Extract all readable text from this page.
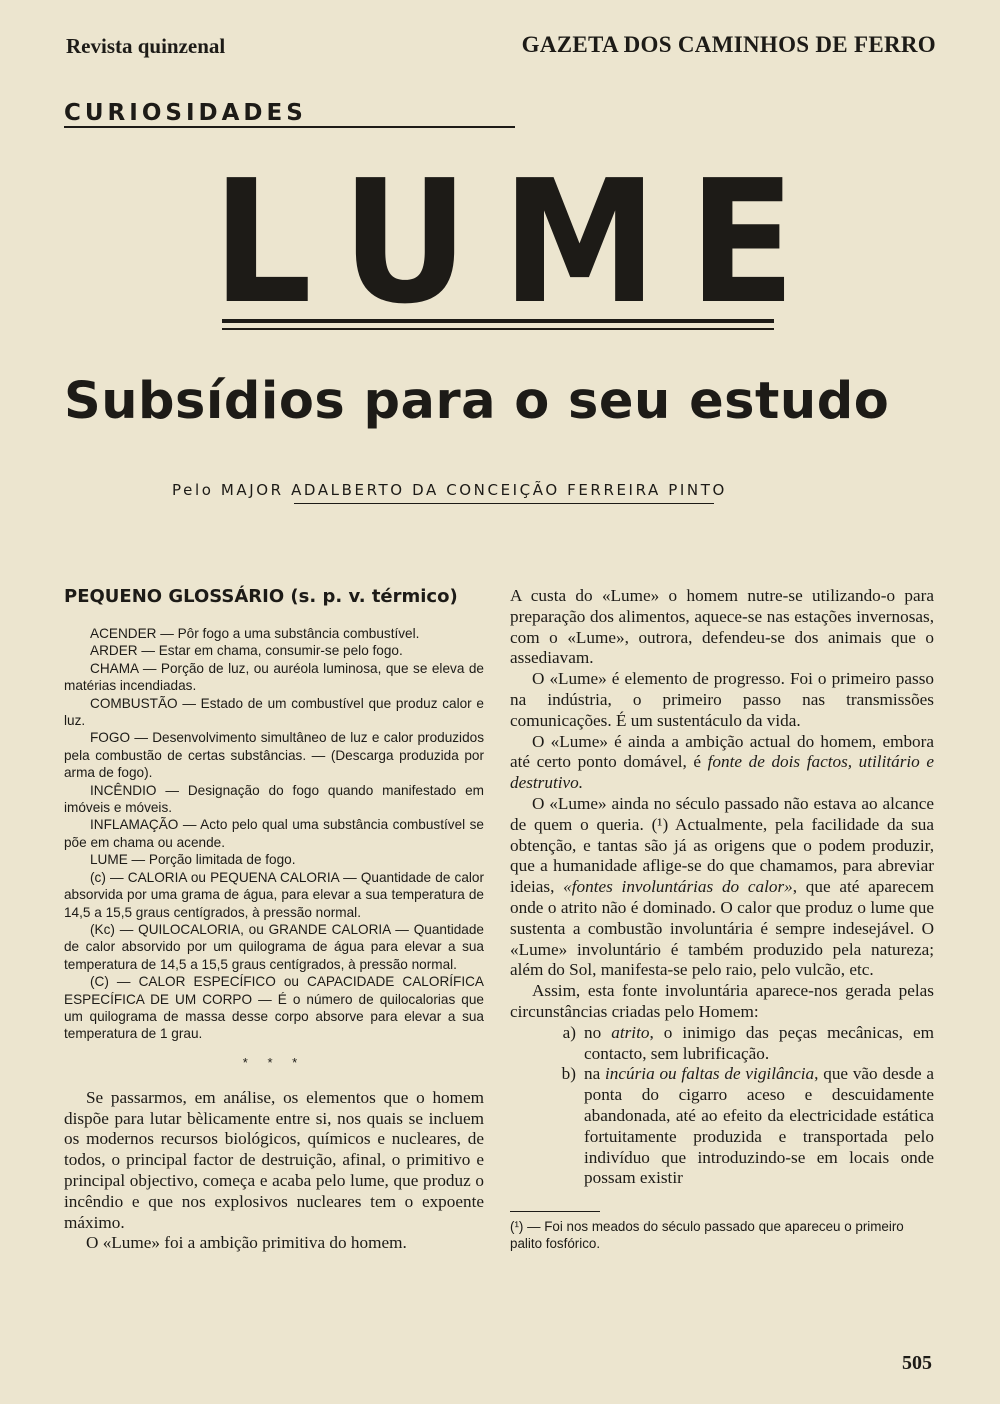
Revista quinzenal	GAZETA DOS CAMINHOS DE FERRO
CURIOSIDADES
L U M E
Subsídios para o seu estudo
Pelo MAJOR ADALBERTO DA CONCEIÇÃO FERREIRA PINTO
PEQUENO GLOSSÁRIO (s. p. v. térmico)

ACENDER — Pôr fogo a uma substância combustível.

ARDER — Estar em chama, consumir-se pelo fogo.

CHAMA — Porção de luz, ou auréola luminosa, que se eleva de matérias incendiadas.

COMBUSTÃO — Estado de um combustível que produz calor e luz.

FOGO — Desenvolvimento simultâneo de luz e calor produzidos pela combustão de certas substâncias. — (Descarga produzida por arma de fogo).

INCÊNDIO — Designação do fogo quando manifestado em imóveis e móveis.

INFLAMAÇÃO — Acto pelo qual uma substância combustível se põe em chama ou acende.

LUME — Porção limitada de fogo.

(c) — CALORIA ou PEQUENA CALORIA — Quantidade de calor absorvida por uma grama de água, para elevar a sua temperatura de 14,5 a 15,5 graus centígrados, à pressão normal.

(Kc) — QUILOCALORIA, ou GRANDE CALORIA — Quantidade de calor absorvido por um quilograma de água para elevar a sua temperatura de 14,5 a 15,5 graus centígrados, à pressão normal.

(C) — CALOR ESPECÍFICO ou CAPACIDADE CALORÍFICA ESPECÍFICA DE UM CORPO — É o número de quilocalorias que um quilograma de massa desse corpo absorve para elevar a sua temperatura de 1 grau.

* * *

Se passarmos, em análise, os elementos que o homem dispõe para lutar bèlicamente entre si, nos quais se incluem os modernos recursos biológicos, químicos e nucleares, de todos, o principal factor de destruição, afinal, o primitivo e principal objectivo, começa e acaba pelo lume, que produz o incêndio e que nos explosivos nucleares tem o expoente máximo.

O «Lume» foi a ambição primitiva do homem.

A custa do «Lume» o homem nutre-se utilizando-o para preparação dos alimentos, aquece-se nas estações invernosas, com o «Lume», outrora, defendeu-se dos animais que o assediavam.

O «Lume» é elemento de progresso. Foi o primeiro passo na indústria, o primeiro passo nas transmissões comunicações. É um sustentáculo da vida.

O «Lume» é ainda a ambição actual do homem, embora até certo ponto domável, é fonte de dois factos, utilitário e destrutivo.

O «Lume» ainda no século passado não estava ao alcance de quem o queria. (¹) Actualmente, pela facilidade da sua obtenção, e tantas são já as origens que o podem produzir, que a humanidade aflige-se do que chamamos, para abreviar ideias, «fontes involuntárias do calor», que até aparecem onde o atrito não é dominado. O calor que produz o lume que sustenta a combustão involuntária é sempre indesejável. O «Lume» involuntário é também produzido pela natureza; além do Sol, manifesta-se pelo raio, pelo vulcão, etc.

Assim, esta fonte involuntária aparece-nos gerada pelas circunstâncias criadas pelo Homem:

a) no atrito, o inimigo das peças mecânicas, em contacto, sem lubrificação.
b) na incúria ou faltas de vigilância, que vão desde a ponta do cigarro aceso e descuidamente abandonada, até ao efeito da electricidade estática fortuitamente produzida e transportada pelo indivíduo que introduzindo-se em locais onde possam existir
(¹) — Foi nos meados do século passado que apareceu o primeiro palito fosfórico.
505
